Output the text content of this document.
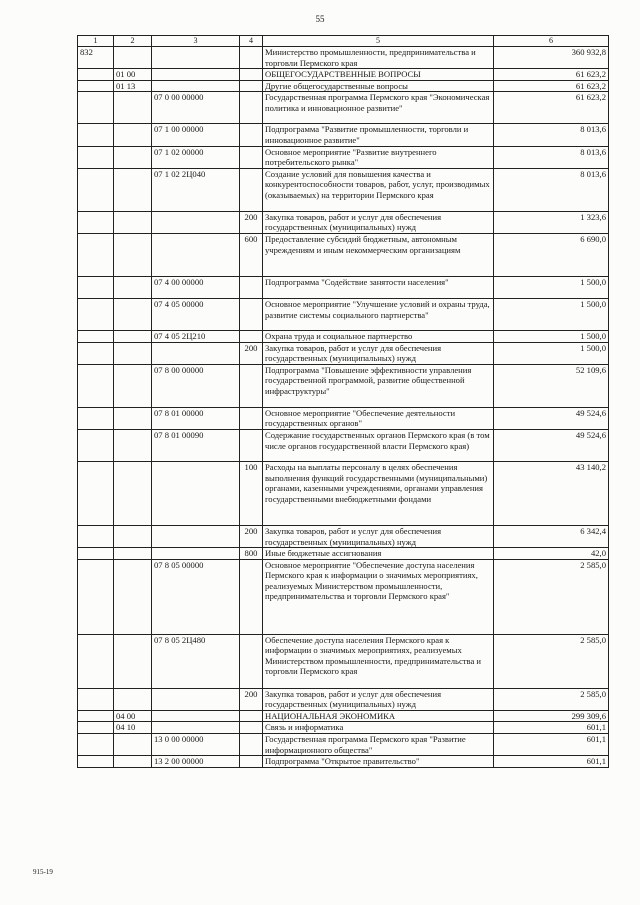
55
1	2	3	4	5	6
832				Министерство промышленности, предпринимательства и торговли Пермского края	360 932,8
	01 00			ОБЩЕГОСУДАРСТВЕННЫЕ ВОПРОСЫ	61 623,2
	01 13			Другие общегосударственные вопросы	61 623,2
		07 0 00 00000		Государственная программа Пермского края "Экономическая политика и инновационное развитие"	61 623,2
		07 1 00 00000		Подпрограмма "Развитие промышленности, торговли и инновационное развитие"	8 013,6
		07 1 02 00000		Основное мероприятие "Развитие внутреннего потребительского рынка"	8 013,6
		07 1 02 2Ц040		Создание условий для повышения качества и конкурентоспособности товаров, работ, услуг, производимых (оказываемых) на территории Пермского края	8 013,6
			200	Закупка товаров, работ и услуг для обеспечения государственных (муниципальных) нужд	1 323,6
			600	Предоставление субсидий бюджетным, автономным учреждениям и иным некоммерческим организациям	6 690,0
		07 4 00 00000		Подпрограмма "Содействие занятости населения"	1 500,0
		07 4 05 00000		Основное мероприятие "Улучшение условий и охраны труда, развитие системы социального партнерства"	1 500,0
		07 4 05 2Ц210		Охрана труда и социальное партнерство	1 500,0
			200	Закупка товаров, работ и услуг для обеспечения государственных (муниципальных) нужд	1 500,0
		07 8 00 00000		Подпрограмма "Повышение эффективности управления государственной программой, развитие общественной инфраструктуры"	52 109,6
		07 8 01 00000		Основное мероприятие "Обеспечение деятельности государственных органов"	49 524,6
		07 8 01 00090		Содержание государственных органов Пермского края (в том числе органов государственной власти Пермского края)	49 524,6
			100	Расходы на выплаты персоналу в целях обеспечения выполнения функций государственными (муниципальными) органами, казенными учреждениями, органами управления государственными внебюджетными фондами	43 140,2
			200	Закупка товаров, работ и услуг для обеспечения государственных (муниципальных) нужд	6 342,4
			800	Иные бюджетные ассигнования	42,0
		07 8 05 00000		Основное мероприятие "Обеспечение доступа населения Пермского края к информации о значимых мероприятиях, реализуемых Министерством промышленности, предпринимательства и торговли Пермского края"	2 585,0
		07 8 05 2Ц480		Обеспечение доступа населения Пермского края к информации о значимых мероприятиях, реализуемых Министерством промышленности, предпринимательства и торговли Пермского края	2 585,0
			200	Закупка товаров, работ и услуг для обеспечения государственных (муниципальных) нужд	2 585,0
	04 00			НАЦИОНАЛЬНАЯ ЭКОНОМИКА	299 309,6
	04 10			Связь и информатика	601,1
		13 0 00 00000		Государственная программа Пермского края "Развитие информационного общества"	601,1
		13 2 00 00000		Подпрограмма "Открытое правительство"	601,1
915-19
